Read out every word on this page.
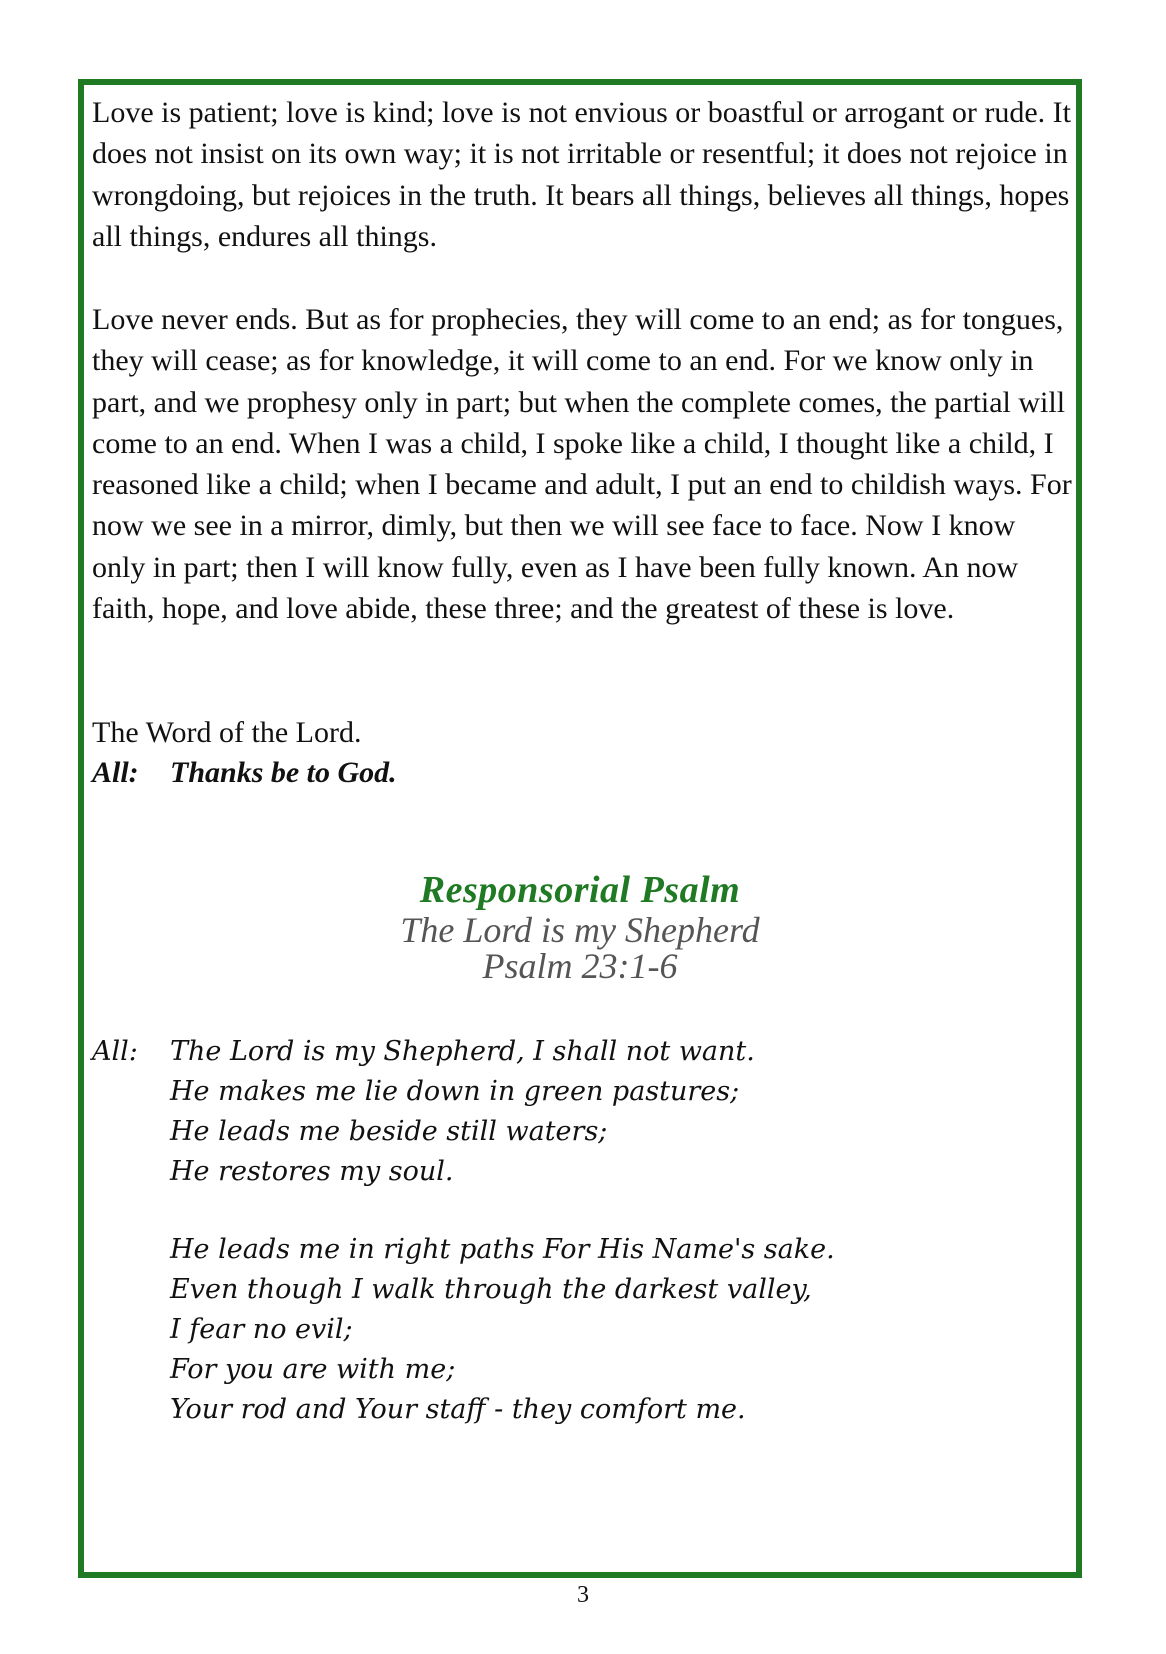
Love is patient; love is kind; love is not envious or boastful or arrogant or rude. It does not insist on its own way; it is not irritable or resentful; it does not rejoice in wrongdoing, but rejoices in the truth. It bears all things, believes all things, hopes all things, endures all things.

Love never ends. But as for prophecies, they will come to an end; as for tongues, they will cease; as for knowledge, it will come to an end. For we know only in part, and we prophesy only in part; but when the complete comes, the partial will come to an end. When I was a child, I spoke like a child, I thought like a child, I reasoned like a child; when I became and adult, I put an end to childish ways. For now we see in a mirror, dimly, but then we will see face to face. Now I know only in part; then I will know fully, even as I have been fully known. An now faith, hope, and love abide, these three; and the greatest of these is love.

The Word of the Lord.

All: Thanks be to God.
Responsorial Psalm
The Lord is my Shepherd
Psalm 23:1-6
All: The Lord is my Shepherd, I shall not want.
He makes me lie down in green pastures;
He leads me beside still waters;
He restores my soul.
He leads me in right paths For His Name's sake.
Even though I walk through the darkest valley,
I fear no evil;
For you are with me;
Your rod and Your staff - they comfort me.
3
